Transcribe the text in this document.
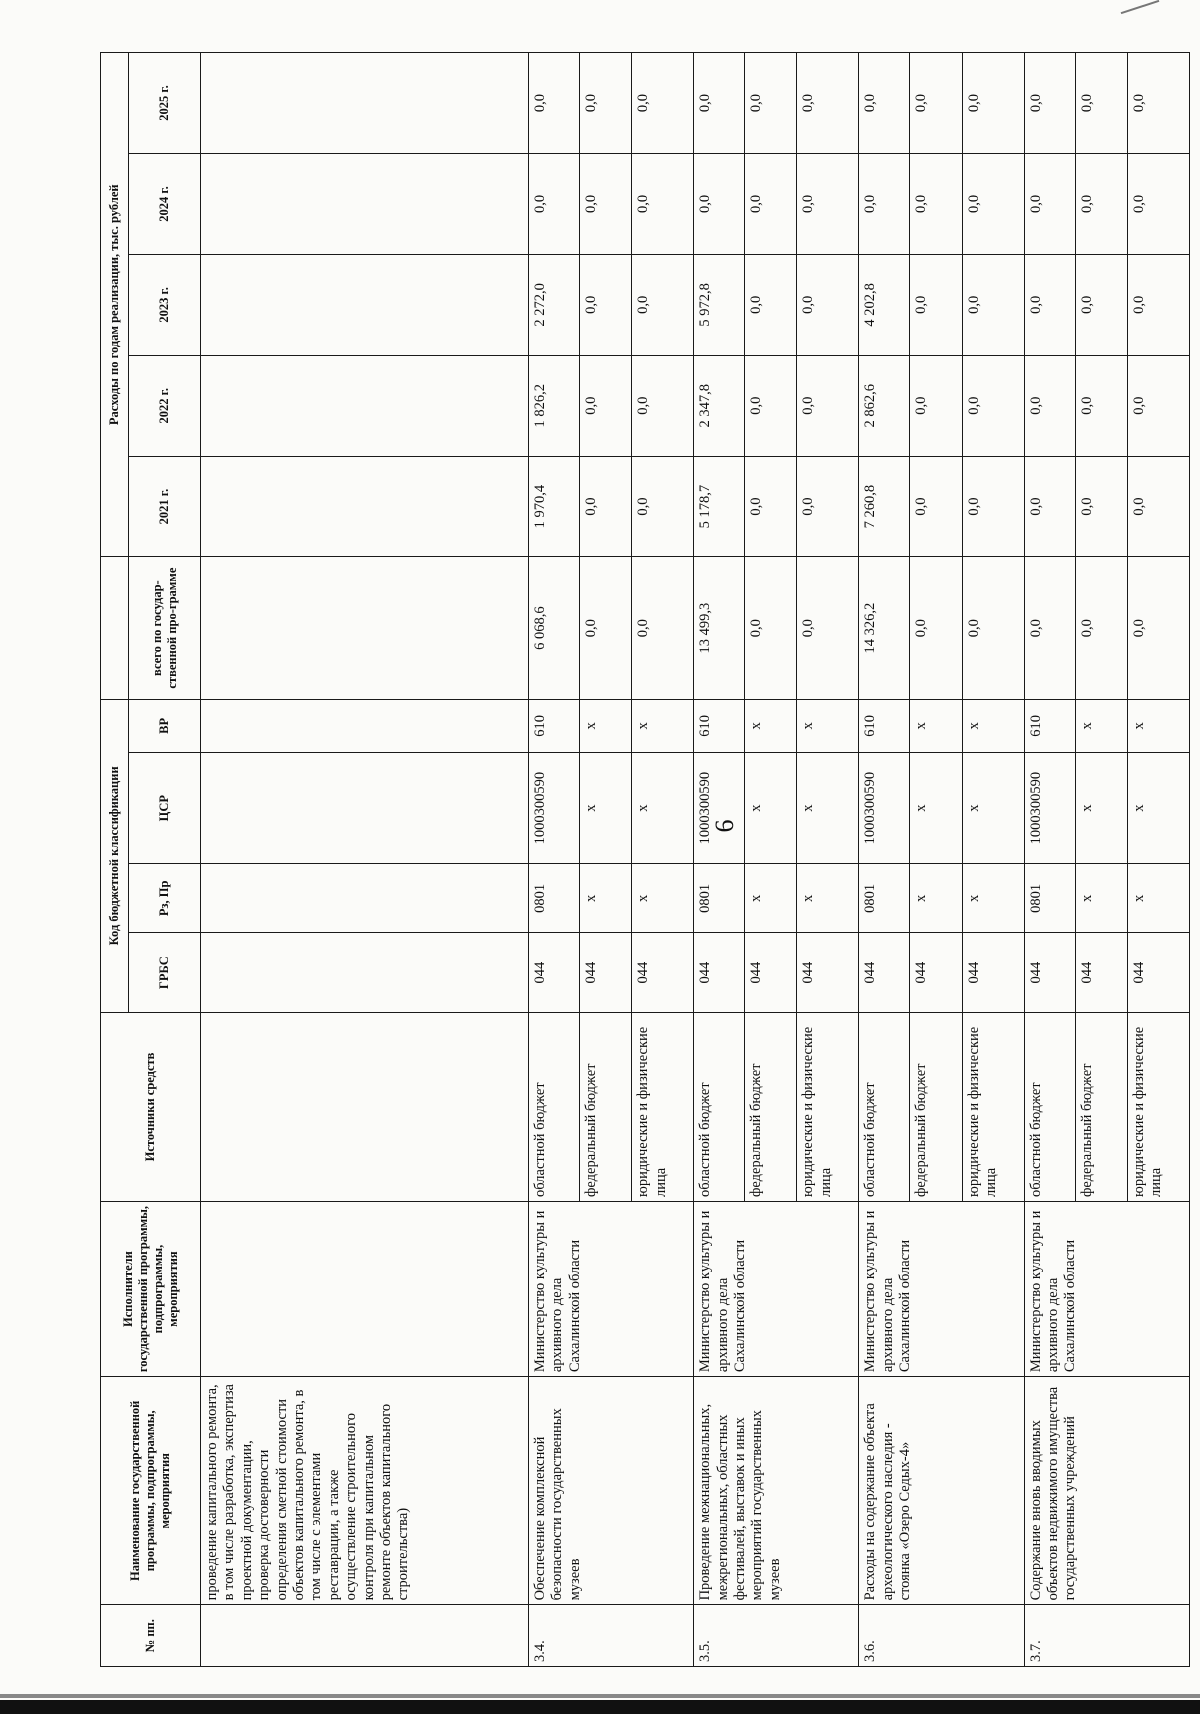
6
№ пп.	Наименование государственной программы, подпрограммы, мероприятия	Исполнители государственной программы, подпрограммы, мероприятия	Источники средств	Код бюджетной классификации					Расходы по годам реализации, тыс. рублей				
				ГРБС	Рз, Пр	ЦСР	ВР	всего по государ-ственной про-грамме	2021 г.	2022 г.	2023 г.	2024 г.	2025 г.
	проведение капитального ремонта, в том числе разработка, экспертиза проектной документации, проверка достоверности определения сметной стоимости объектов капитального ремонта, в том числе с элементами реставрации, а также осуществление строительного контроля при капитальном ремонте объектов капитального строительства)												
3.4.	Обеспечение комплексной безопасности государственных музеев	Министерство культуры и архивного дела Сахалинской области	областной бюджет	044	0801	1000300590	610	6 068,6	1 970,4	1 826,2	2 272,0	0,0	0,0
			федеральный бюджет	044	х	х	х	0,0	0,0	0,0	0,0	0,0	0,0
			юридические и физические лица	044	х	х	х	0,0	0,0	0,0	0,0	0,0	0,0
3.5.	Проведение межнациональных, межрегиональных, областных фестивалей, выставок и иных мероприятий государственных музеев	Министерство культуры и архивного дела Сахалинской области	областной бюджет	044	0801	1000300590	610	13 499,3	5 178,7	2 347,8	5 972,8	0,0	0,0
			федеральный бюджет	044	х	х	х	0,0	0,0	0,0	0,0	0,0	0,0
			юридические и физические лица	044	х	х	х	0,0	0,0	0,0	0,0	0,0	0,0
3.6.	Расходы на содержание объекта археологического наследия - стоянка «Озеро Седых-4»	Министерство культуры и архивного дела Сахалинской области	областной бюджет	044	0801	1000300590	610	14 326,2	7 260,8	2 862,6	4 202,8	0,0	0,0
			федеральный бюджет	044	х	х	х	0,0	0,0	0,0	0,0	0,0	0,0
			юридические и физические лица	044	х	х	х	0,0	0,0	0,0	0,0	0,0	0,0
3.7.	Содержание вновь вводимых объектов недвижимого имущества государственных учреждений	Министерство культуры и архивного дела Сахалинской области	областной бюджет	044	0801	1000300590	610	0,0	0,0	0,0	0,0	0,0	0,0
			федеральный бюджет	044	х	х	х	0,0	0,0	0,0	0,0	0,0	0,0
			юридические и физические лица	044	х	х	х	0,0	0,0	0,0	0,0	0,0	0,0
